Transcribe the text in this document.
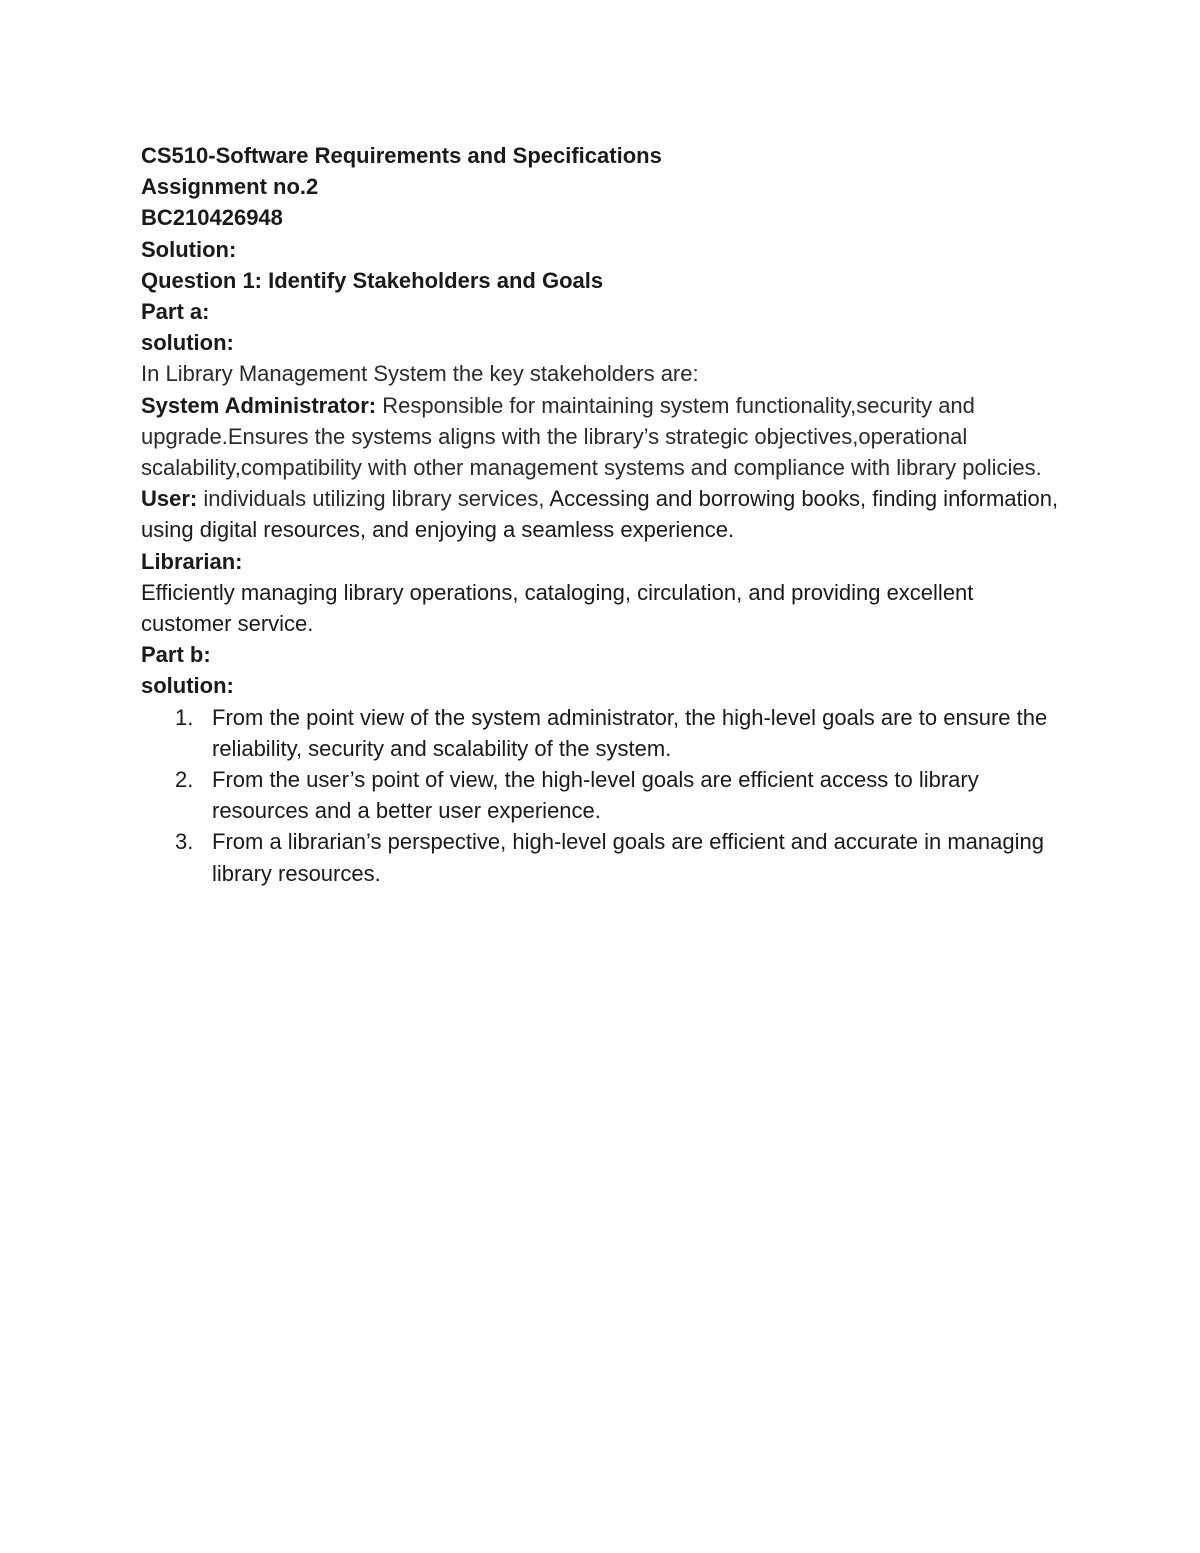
CS510-Software Requirements and Specifications
Assignment no.2
BC210426948
Solution:
Question 1: Identify Stakeholders and Goals
Part a:
solution:
In Library Management System the key stakeholders are:

System Administrator: Responsible for maintaining system functionality,security and upgrade.Ensures the systems aligns with the library’s strategic objectives,operational scalability,compatibility with other management systems and compliance with library policies.

User: individuals utilizing library services, Accessing and borrowing books, finding information, using digital resources, and enjoying a seamless experience.

Librarian:

Efficiently managing library operations, cataloging, circulation, and providing excellent customer service.

Part b:
solution:
1. From the point view of the system administrator, the high-level goals are to ensure the reliability, security and scalability of the system.
2. From the user’s point of view, the high-level goals are efficient access to library resources and a better user experience.
3. From a librarian’s perspective, high-level goals are efficient and accurate in managing library resources.
